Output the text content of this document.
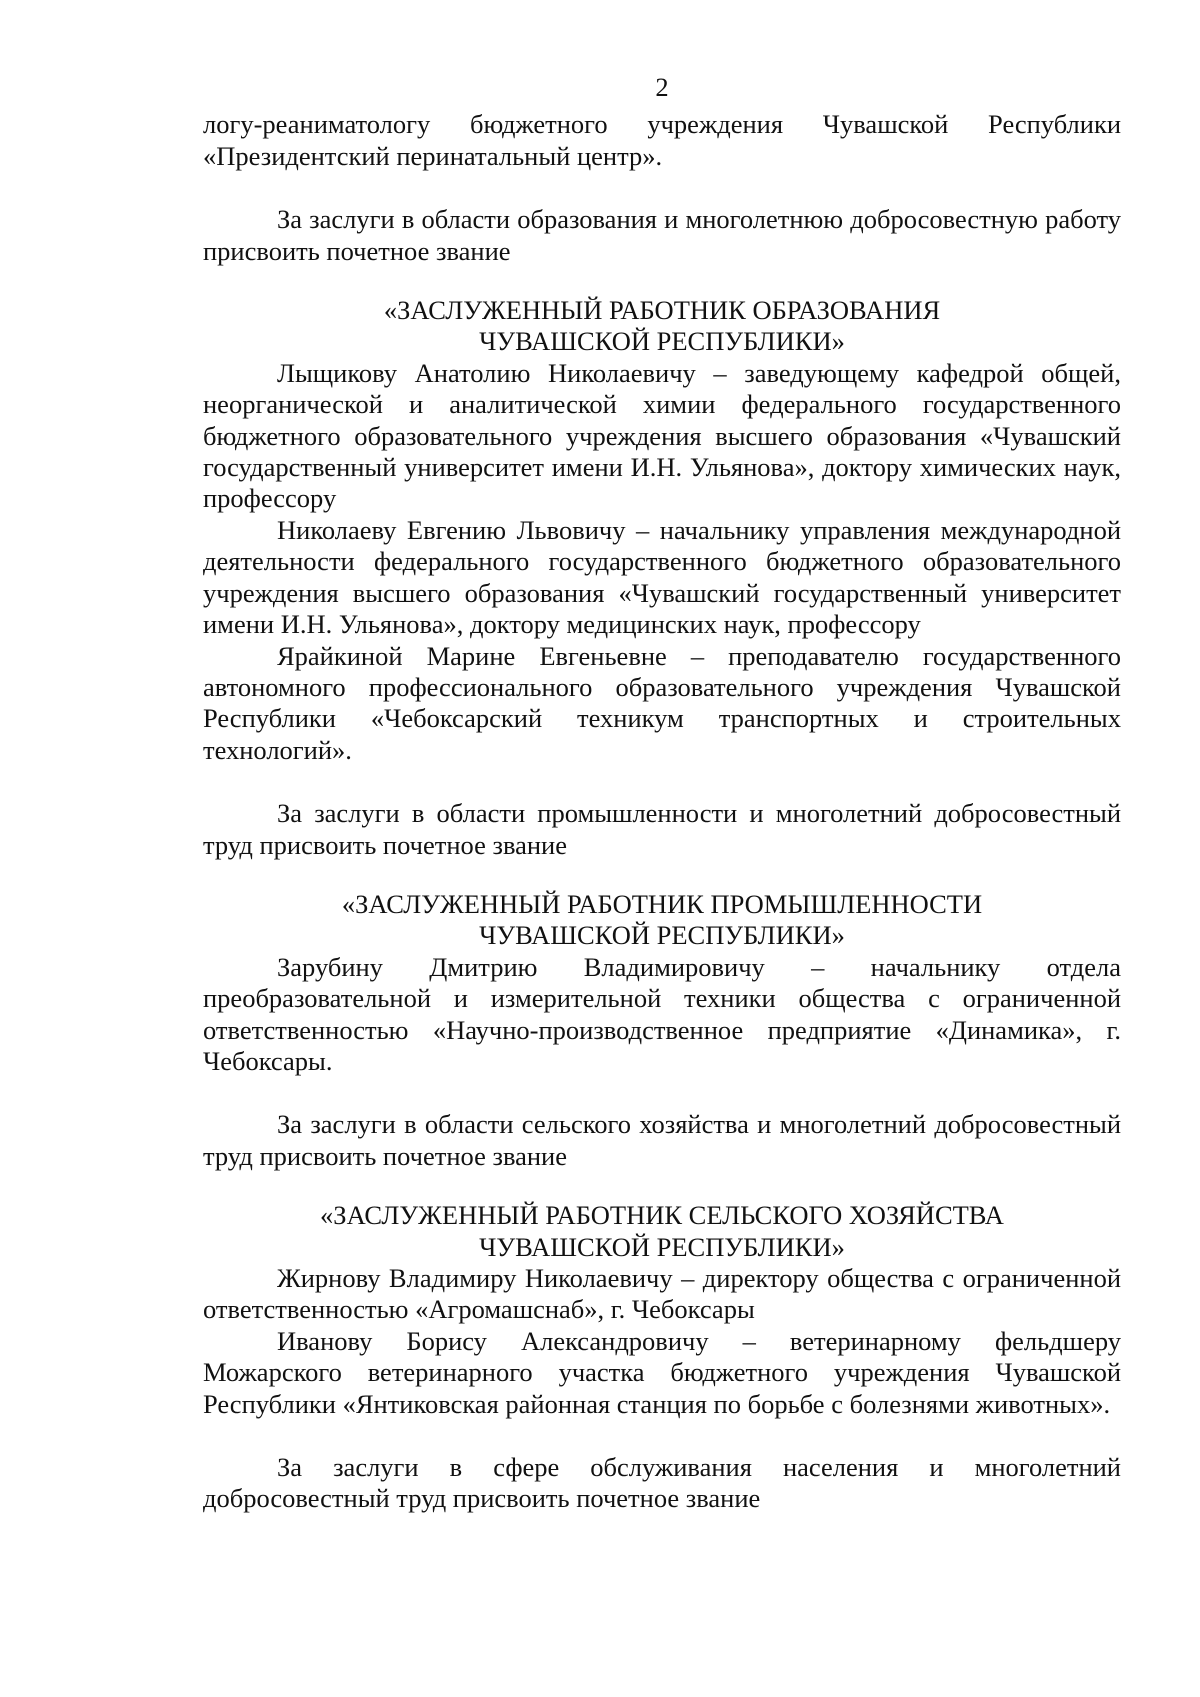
2

логу-реаниматологу бюджетного учреждения Чувашской Республики «Президентский перинатальный центр».

За заслуги в области образования и многолетнюю добросовестную работу присвоить почетное звание

«ЗАСЛУЖЕННЫЙ РАБОТНИК ОБРАЗОВАНИЯ
ЧУВАШСКОЙ РЕСПУБЛИКИ»

Лыщикову Анатолию Николаевичу – заведующему кафедрой общей, неорганической и аналитической химии федерального государственного бюджетного образовательного учреждения высшего образования «Чувашский государственный университет имени И.Н. Ульянова», доктору химических наук, профессору

Николаеву Евгению Львовичу – начальнику управления международной деятельности федерального государственного бюджетного образовательного учреждения высшего образования «Чувашский государственный университет имени И.Н. Ульянова», доктору медицинских наук, профессору

Ярайкиной Марине Евгеньевне – преподавателю государственного автономного профессионального образовательного учреждения Чувашской Республики «Чебоксарский техникум транспортных и строительных технологий».

За заслуги в области промышленности и многолетний добросовестный труд присвоить почетное звание

«ЗАСЛУЖЕННЫЙ РАБОТНИК ПРОМЫШЛЕННОСТИ
ЧУВАШСКОЙ РЕСПУБЛИКИ»

Зарубину Дмитрию Владимировичу – начальнику отдела преобразовательной и измерительной техники общества с ограниченной ответственностью «Научно-производственное предприятие «Динамика», г. Чебоксары.

За заслуги в области сельского хозяйства и многолетний добросовестный труд присвоить почетное звание

«ЗАСЛУЖЕННЫЙ РАБОТНИК СЕЛЬСКОГО ХОЗЯЙСТВА
ЧУВАШСКОЙ РЕСПУБЛИКИ»

Жирнову Владимиру Николаевичу – директору общества с ограниченной ответственностью «Агромашснаб», г. Чебоксары

Иванову Борису Александровичу – ветеринарному фельдшеру Можарского ветеринарного участка бюджетного учреждения Чувашской Республики «Янтиковская районная станция по борьбе с болезнями животных».

За заслуги в сфере обслуживания населения и многолетний добросовестный труд присвоить почетное звание
